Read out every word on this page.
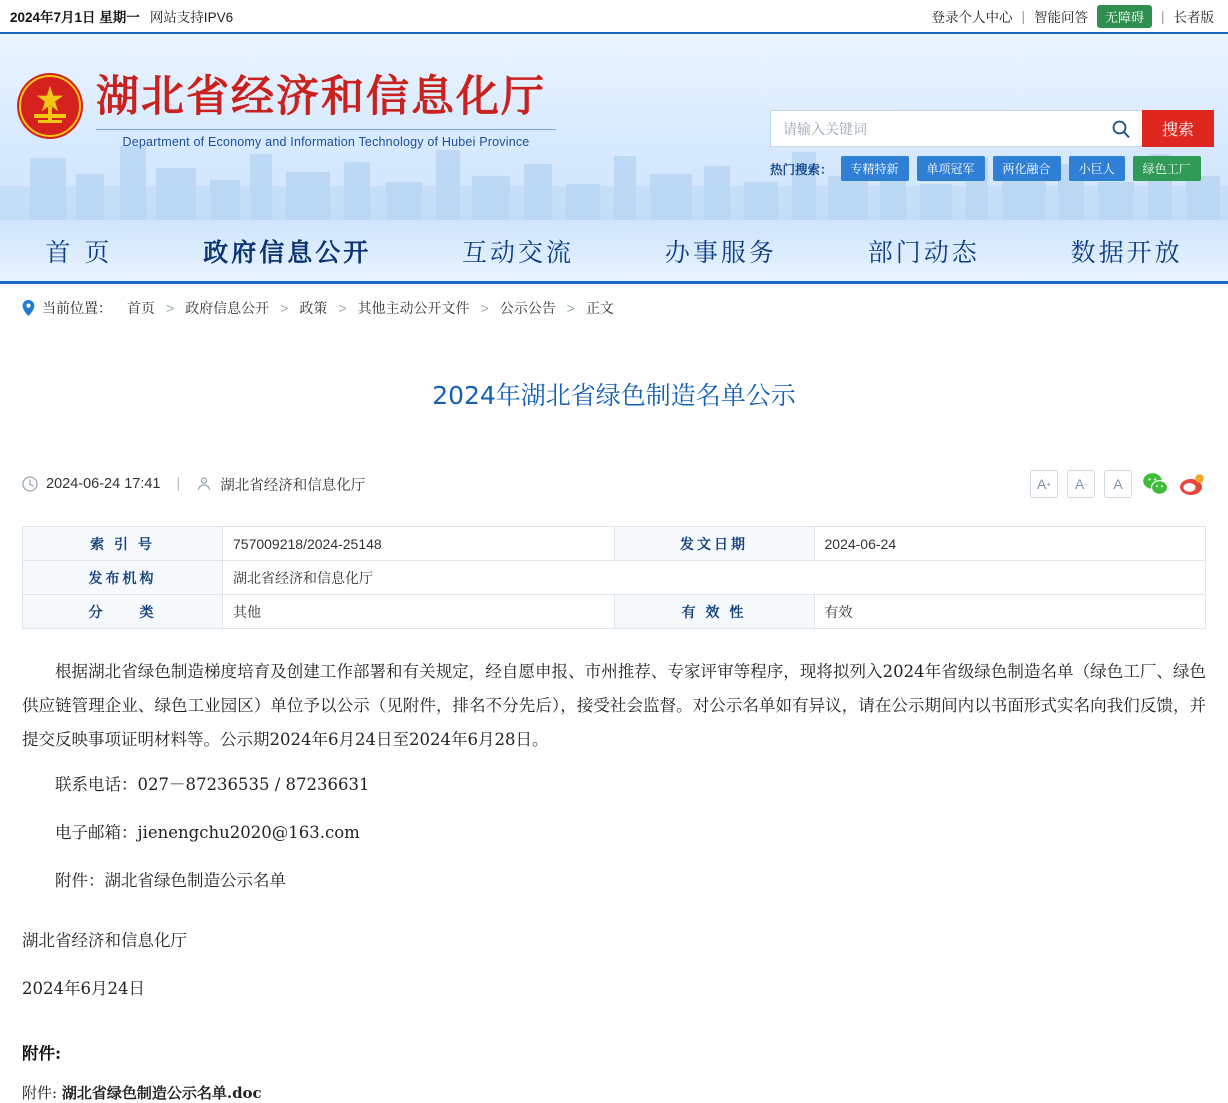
2024年7月1日 星期一 网站支持IPV6	登录个人中心 | 智能问答	无障碍	| 长者版
湖北省经济和信息化厅
Department of Economy and Information Technology of Hubei Province
请输入关键词
搜索
热门搜索：	专精特新	单项冠军	两化融合	小巨人	绿色工厂
首 页	政府信息公开	互动交流	办事服务	部门动态	数据开放
当前位置： 首页 > 政府信息公开 > 政策 > 其他主动公开文件 > 公示公告 > 正文
2024年湖北省绿色制造名单公示
2024-06-24 17:41 |	湖北省经济和信息化厅	A + A -	A
索 引 号	757009218/2024-25148	发文日期	2024-06-24
发布机构	湖北省经济和信息化厅		
分　　类	其他	有 效 性	有效

根据湖北省绿色制造梯度培育及创建工作部署和有关规定，经自愿申报、市州推荐、专家评审等程序，现将拟列入2024年省级绿色制造名单（绿色工厂、绿色供应链管理企业、绿色工业园区）单位予以公示（见附件，排名不分先后），接受社会监督。对公示名单如有异议，请在公示期间内以书面形式实名向我们反馈，并提交反映事项证明材料等。公示期2024年6月24日至2024年6月28日。

联系电话：027－87236535 / 87236631

电子邮箱：jienengchu2020@163.com

附件：湖北省绿色制造公示名单

湖北省经济和信息化厅

2024年6月24日

附件:
附件: 湖北省绿色制造公示名单.doc
